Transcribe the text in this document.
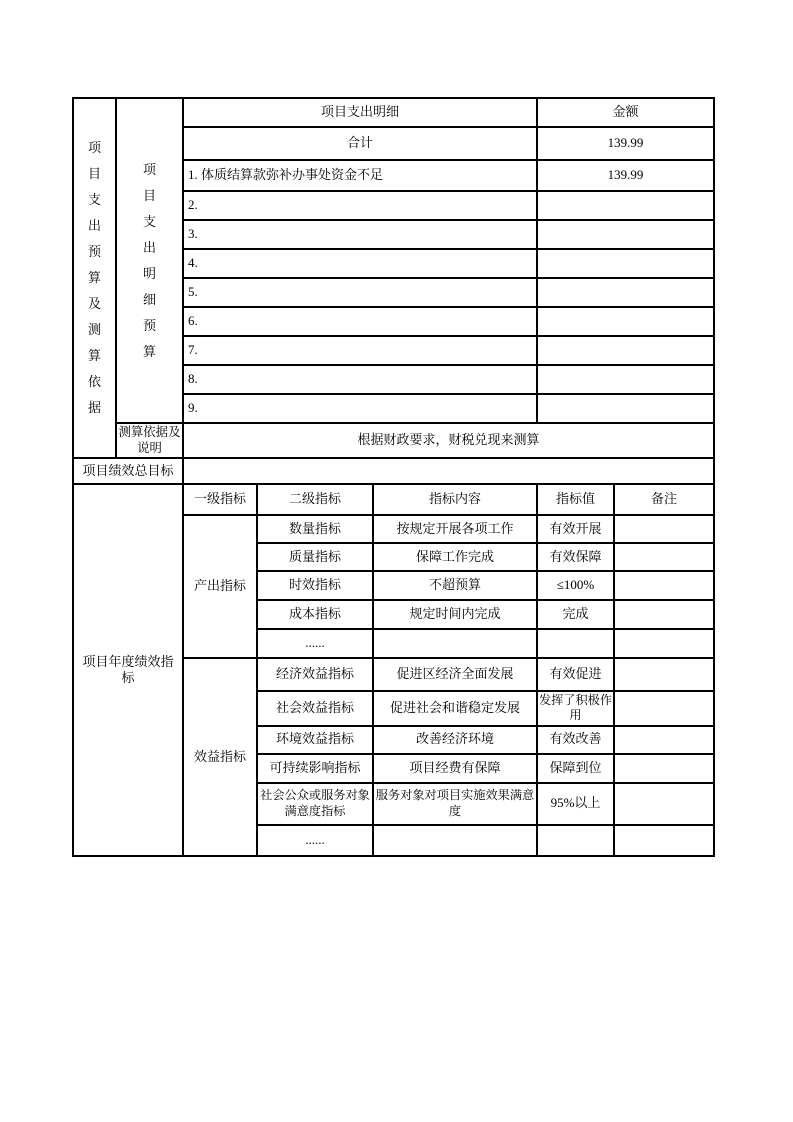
项目支出预算及测算依据	项目支出明细预算	项目支出明细			金额	
		合计			139.99	
		1. 体质结算款弥补办事处资金不足			139.99	
		2.				
		3.				
		4.				
		5.				
		6.				
		7.				
		8.				
		9.				
	测算依据及说明	根据财政要求，财税兑现来测算				
项目绩效总目标						
项目年度绩效指标		一级指标	二级指标	指标内容	指标值	备注
		产出指标	数量指标	按规定开展各项工作	有效开展	
			质量指标	保障工作完成	有效保障	
			时效指标	不超预算	≤100%	
			成本指标	规定时间内完成	完成	
			......			
		效益指标	经济效益指标	促进区经济全面发展	有效促进	
			社会效益指标	促进社会和谐稳定发展	发挥了积极作用	
			环境效益指标	改善经济环境	有效改善	
			可持续影响指标	项目经费有保障	保障到位	
			社会公众或服务对象满意度指标	服务对象对项目实施效果满意度	95%以上	
			......			
